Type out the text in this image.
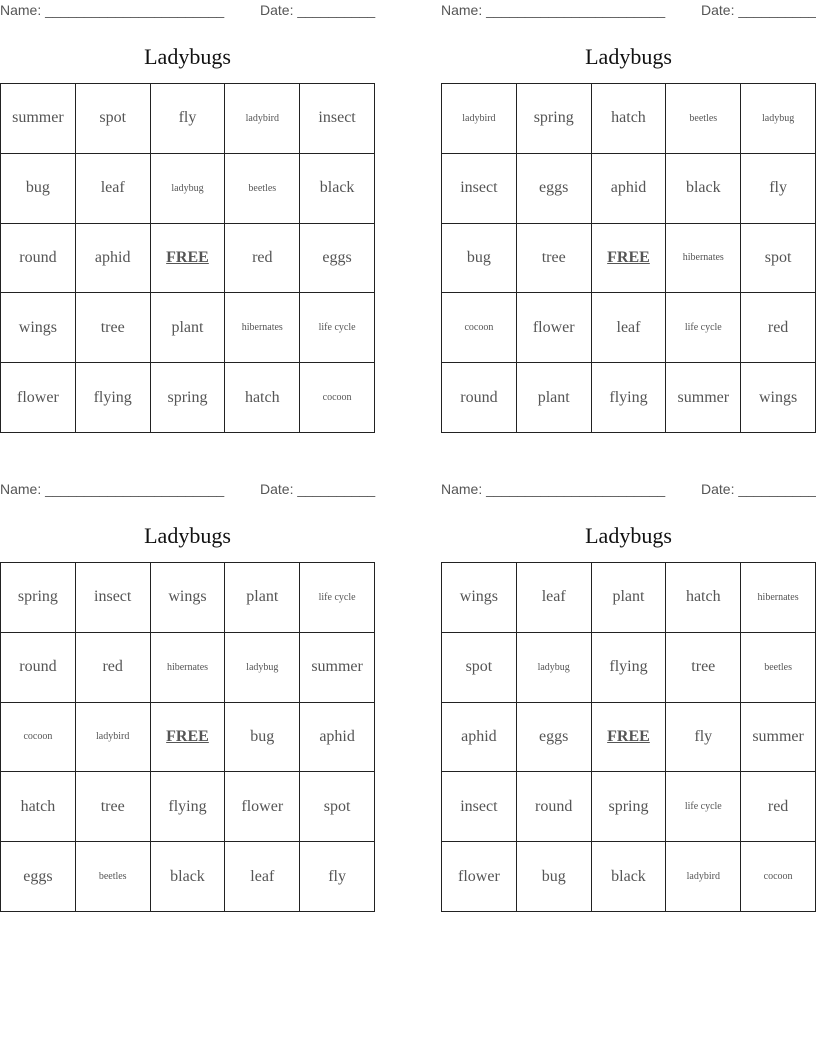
Name: _______________________	Date: __________
Ladybugs
summer	spot	fly	ladybird	insect
bug	leaf	ladybug	beetles	black
round	aphid	FREE	red	eggs
wings	tree	plant	hibernates	life cycle
flower	flying	spring	hatch	cocoon
Name: _______________________	Date: __________
Ladybugs
ladybird	spring	hatch	beetles	ladybug
insect	eggs	aphid	black	fly
bug	tree	FREE	hibernates	spot
cocoon	flower	leaf	life cycle	red
round	plant	flying	summer	wings
Name: _______________________	Date: __________
Ladybugs
spring	insect	wings	plant	life cycle
round	red	hibernates	ladybug	summer
cocoon	ladybird	FREE	bug	aphid
hatch	tree	flying	flower	spot
eggs	beetles	black	leaf	fly
Name: _______________________	Date: __________
Ladybugs
wings	leaf	plant	hatch	hibernates
spot	ladybug	flying	tree	beetles
aphid	eggs	FREE	fly	summer
insect	round	spring	life cycle	red
flower	bug	black	ladybird	cocoon
